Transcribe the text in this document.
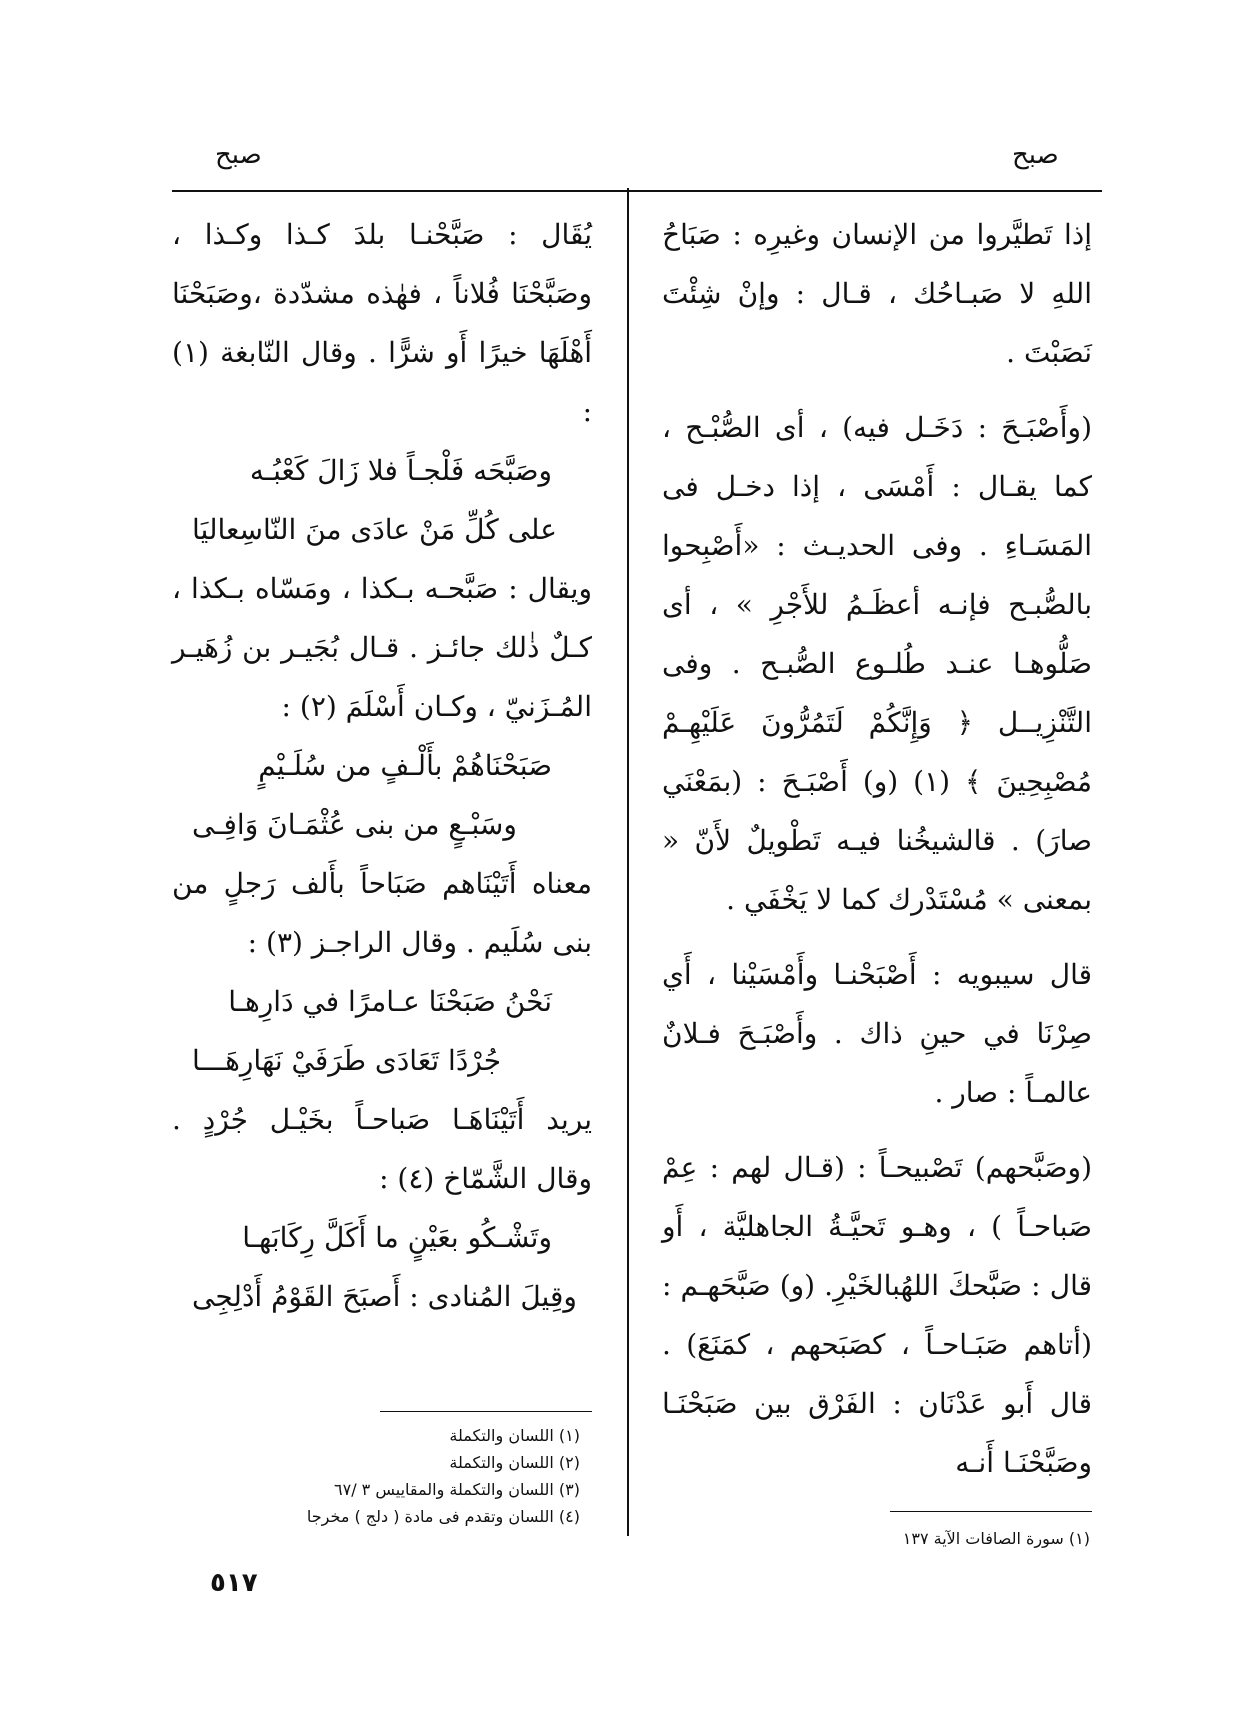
صبح
صبح

إذا تَطيَّروا من الإنسان وغيرِه : صَبَاحُ اللهِ لا صَبـاحُك ، قـال : وإنْ شِئْتَ نَصَبْتَ .

(وأَصْبَـحَ : دَخَـل فيه) ، أى الصُّبْـح ، كما يقـال : أَمْسَى ، إذا دخـل فى المَسَـاءِ . وفى الحديـث : «أَصْبِحوا بالصُّبـح فإنـه أعظَـمُ للأَجْرِ » ، أى صَلُّوهـا عنـد طُلـوع الصُّبـح . وفى التَّنْزِيــل ﴿ وَإِنَّكُمْ لَتَمُرُّونَ عَلَيْهِـمْ مُصْبِحِينَ ﴾ (١) (و) أَصْبَـحَ : (بمَعْنَي صارَ) . قالشيخُنا فيـه تَطْويلٌ لأَنّ « بمعنى » مُسْتَدْرك كما لا يَخْفَي .

قال سيبويه : أَصْبَحْنـا وأَمْسَيْنا ، أَي صِرْنَا في حينِ ذاك . وأَصْبَـحَ فـلانٌ عالمـاً : صار .

(وصَبَّحهم) تَصْبيحـاً : (قـال لهم : عِمْ صَباحـاً ) ، وهـو تَحيَّـةُ الجاهليَّة ، أَو قال : صَبَّحكَ اللهُبالخَيْرِ. (و) صَبَّحَهـم : (أتاهم صَبَـاحـاً ، كصَبَحهم ، كمَنَعَ) . قال أَبو عَدْنَان : الفَرْق بين صَبَحْنَـا وصَبَّحْنَـا أَنـه

يُقَال : صَبَّحْنـا بلدَ كـذا وكـذا ، وصَبَّحْنَا فُلاناً ، فهٰذه مشدّدة ،وصَبَحْنَا أَهْلَهَا خيرًا أَو شرًّا . وقال النّابغة (١) :

وصَبَّحَه فَلْجـاً فلا زَالَ كَعْبُـه

على كُلِّ مَنْ عادَى منَ النّاسِعاليَا

ويقال : صَبَّحـه بـكذا ، ومَسّاه بـكذا ، كـلٌ ذٰلك جائـز . قـال بُجَيـر بن زُهَيـر المُـزَنيّ ، وكـان أَسْلَمَ (٢) :

صَبَحْنَاهُمْ بأَلْـفٍ من سُلَـيْمٍ

وسَبْـعٍ من بنى عُثْمَـانَ وَافِـى

معناه أَتَيْنَاهم صَبَاحاً بأَلف رَجلٍ من بنى سُلَيم . وقال الراجـز (٣) :

نَحْنُ صَبَحْنَا عـامرًا في دَارِهـا

جُرْدًا تَعَادَى طَرَفَيْ نَهَارِهَـــا

يريد أَتَيْنَاهَـا صَباحـاً بخَيْـل جُرْدٍ . وقال الشَّمّاخ (٤) :

وتَشْـكُو بعَيْنٍ ما أَكَلَّ رِكَابَهـا

وقِيلَ المُنادى : أَصبَحَ القَوْمُ أَدْلِجِى

(١) اللسان والتكملة
(٢) اللسان والتكملة
(٣) اللسان والتكملة والمقاييس ٣ /٦٧
(٤) اللسان وتقدم فى مادة ( دلج ) مخرجا
(١) سورة الصافات الآية ١٣٧
٥١٧
